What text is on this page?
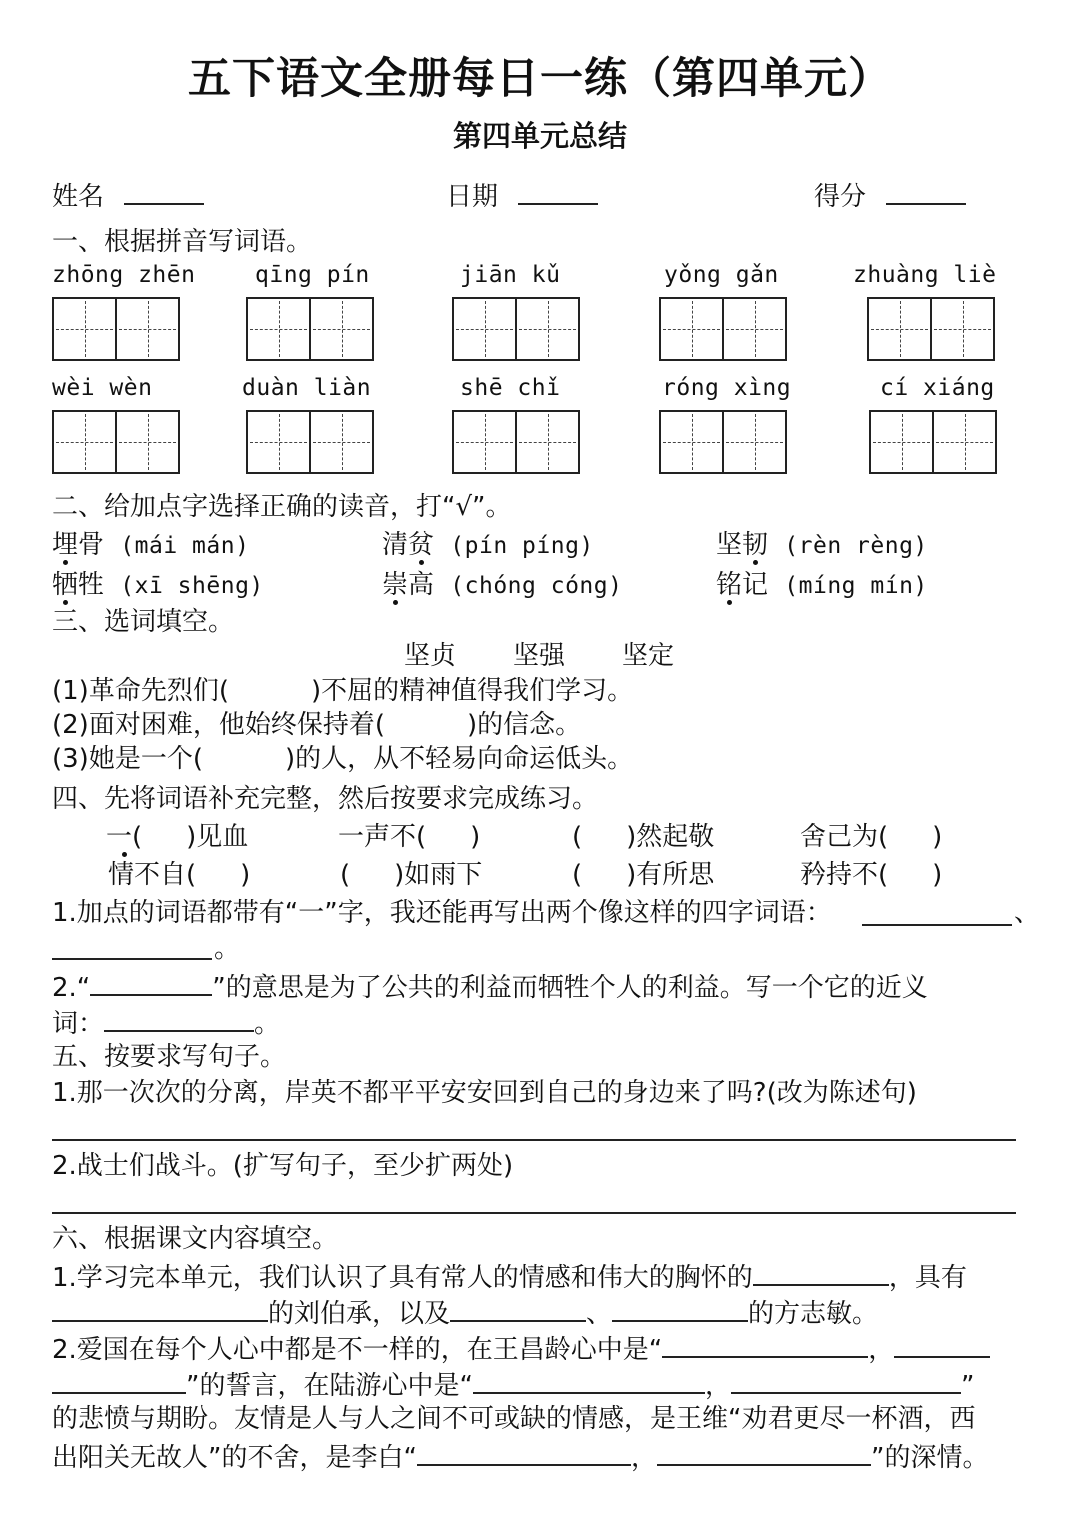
五下语文全册每日一练（第四单元）
第四单元总结
姓名	日期	得分
一、根据拼音写词语。
zhōng zhēn	qīng pín	jiān kǔ	yǒng gǎn	zhuàng liè
wèi wèn	duàn liàn	shē chǐ	róng xìng	cí xiáng
二、给加点字选择正确的读音，打“√”。
埋骨 (mái mán)	清贫 (pín píng)	坚韧 (rèn rèng)
牺牲 (xī shēng)	崇高 (chóng cóng)	铭记 (míng mín)
三、选词填空。
坚贞 坚强 坚定
(1)革命先烈们(	)不屈的精神值得我们学习。
(2)面对困难，他始终保持着(	)的信念。
(3)她是一个(	)的人，从不轻易向命运低头。
四、先将词语补充完整，然后按要求完成练习。
一( )见血	一声不( )	( )然起敬	舍己为( )
情不自( )	( )如雨下	( )有所思	矜持不( )
1.加点的词语都带有“一”字，我还能再写出两个像这样的四字词语：	、
。
2.“	”的意思是为了公共的利益而牺牲个人的利益。写一个它的近义
词：	。
五、按要求写句子。
1.那一次次的分离，岸英不都平平安安回到自己的身边来了吗?(改为陈述句)
2.战士们战斗。(扩写句子，至少扩两处)
六、根据课文内容填空。
1.学习完本单元，我们认识了具有常人的情感和伟大的胸怀的	，具有
的刘伯承，以及	、	的方志敏。
2.爱国在每个人心中都是不一样的，在王昌龄心中是“	，
”的誓言，在陆游心中是“	，	”
的悲愤与期盼。友情是人与人之间不可或缺的情感，是王维“劝君更尽一杯酒，西
出阳关无故人”的不舍，是李白“	，	”的深情。
